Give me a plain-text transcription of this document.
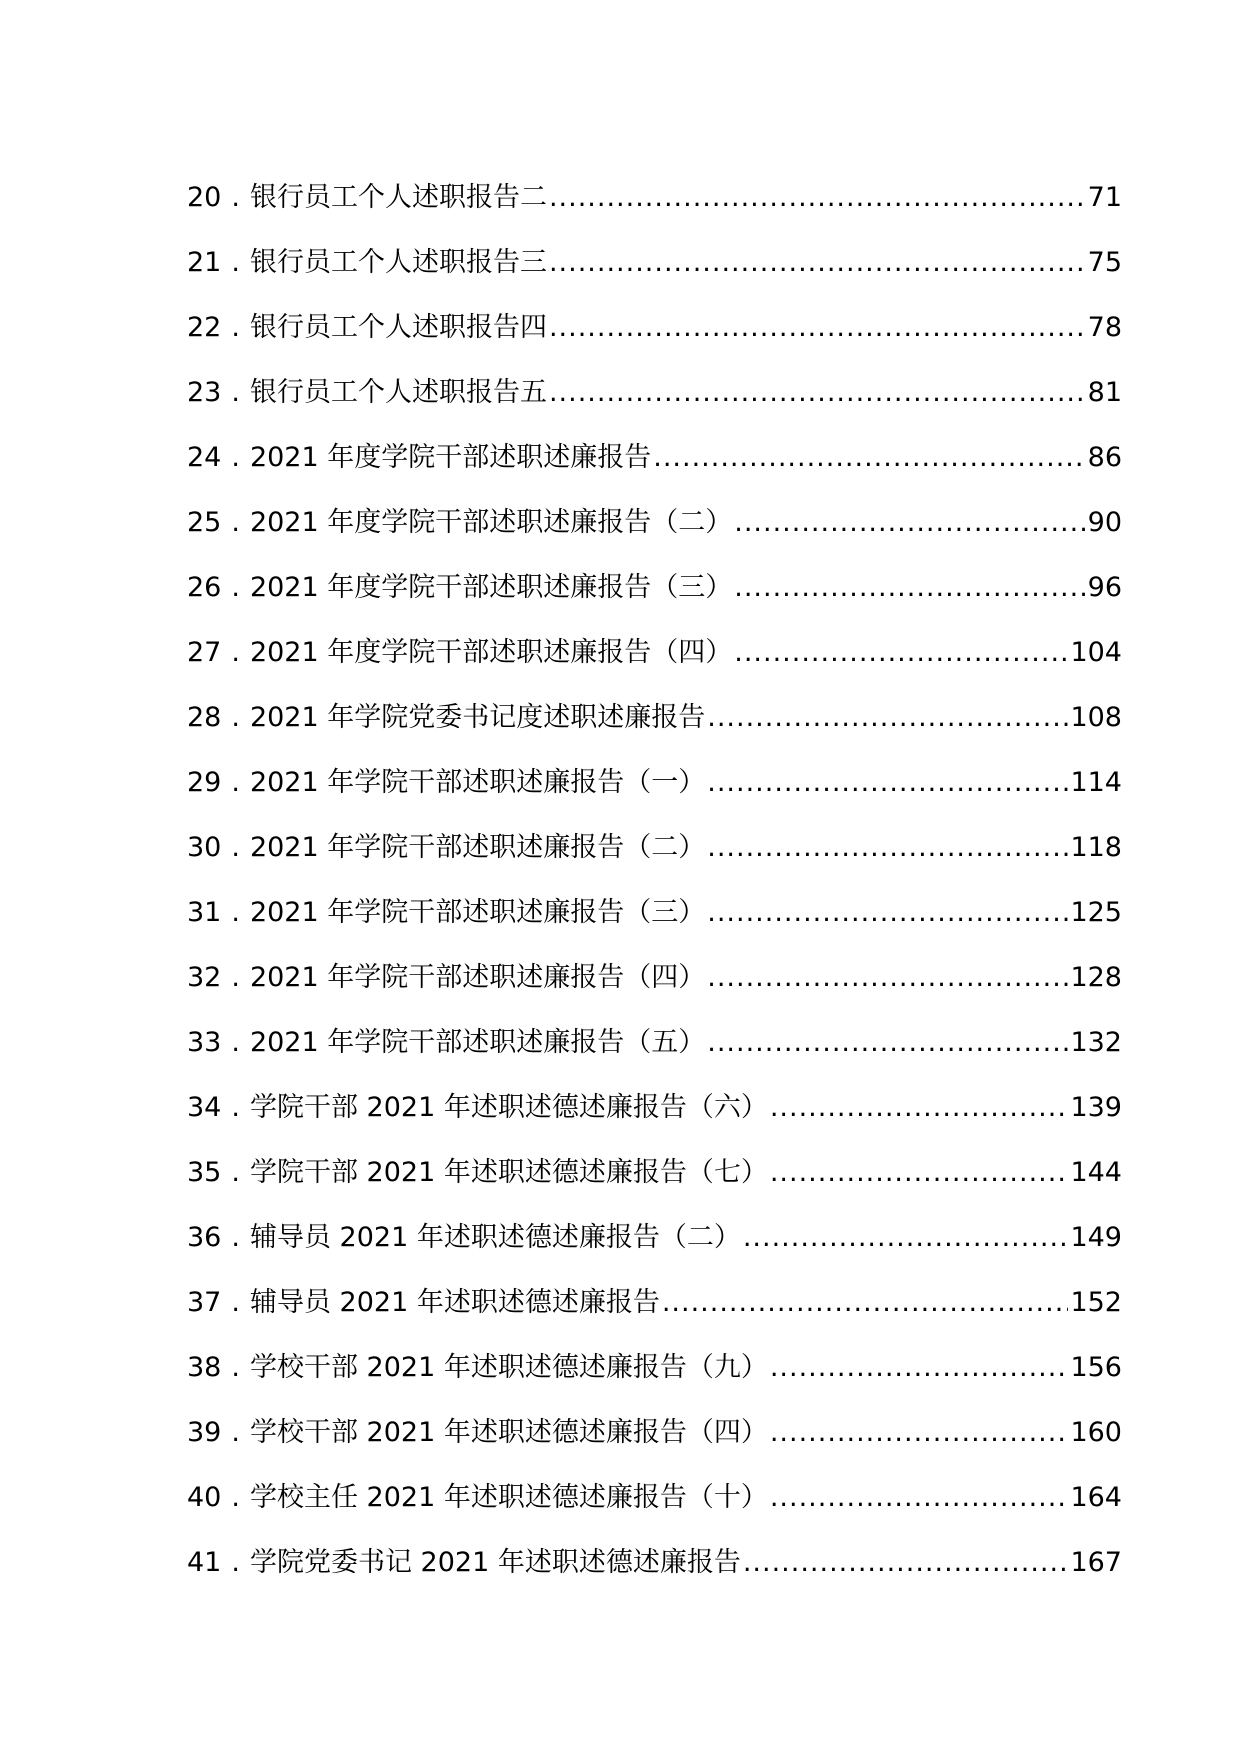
20 . 银行员工个人述职报告二 .....	71
21 . 银行员工个人述职报告三 .....	75
22 . 银行员工个人述职报告四 .....	78
23 . 银行员工个人述职报告五 .....	81
24 . 2021 年度学院干部述职述廉报告 .....	86
25 . 2021 年度学院干部述职述廉报告（二） .....	90
26 . 2021 年度学院干部述职述廉报告（三） .....	96
27 . 2021 年度学院干部述职述廉报告（四） .....	104
28 . 2021 年学院党委书记度述职述廉报告 .....	108
29 . 2021 年学院干部述职述廉报告（一） .....	114
30 . 2021 年学院干部述职述廉报告（二） .....	118
31 . 2021 年学院干部述职述廉报告（三） .....	125
32 . 2021 年学院干部述职述廉报告（四） .....	128
33 . 2021 年学院干部述职述廉报告（五） .....	132
34 . 学院干部 2021 年述职述德述廉报告（六） .....	139
35 . 学院干部 2021 年述职述德述廉报告（七） .....	144
36 . 辅导员 2021 年述职述德述廉报告（二） .....	149
37 . 辅导员 2021 年述职述德述廉报告 .....	152
38 . 学校干部 2021 年述职述德述廉报告（九） .....	156
39 . 学校干部 2021 年述职述德述廉报告（四） .....	160
40 . 学校主任 2021 年述职述德述廉报告（十） .....	164
41 . 学院党委书记 2021 年述职述德述廉报告 .....	167
